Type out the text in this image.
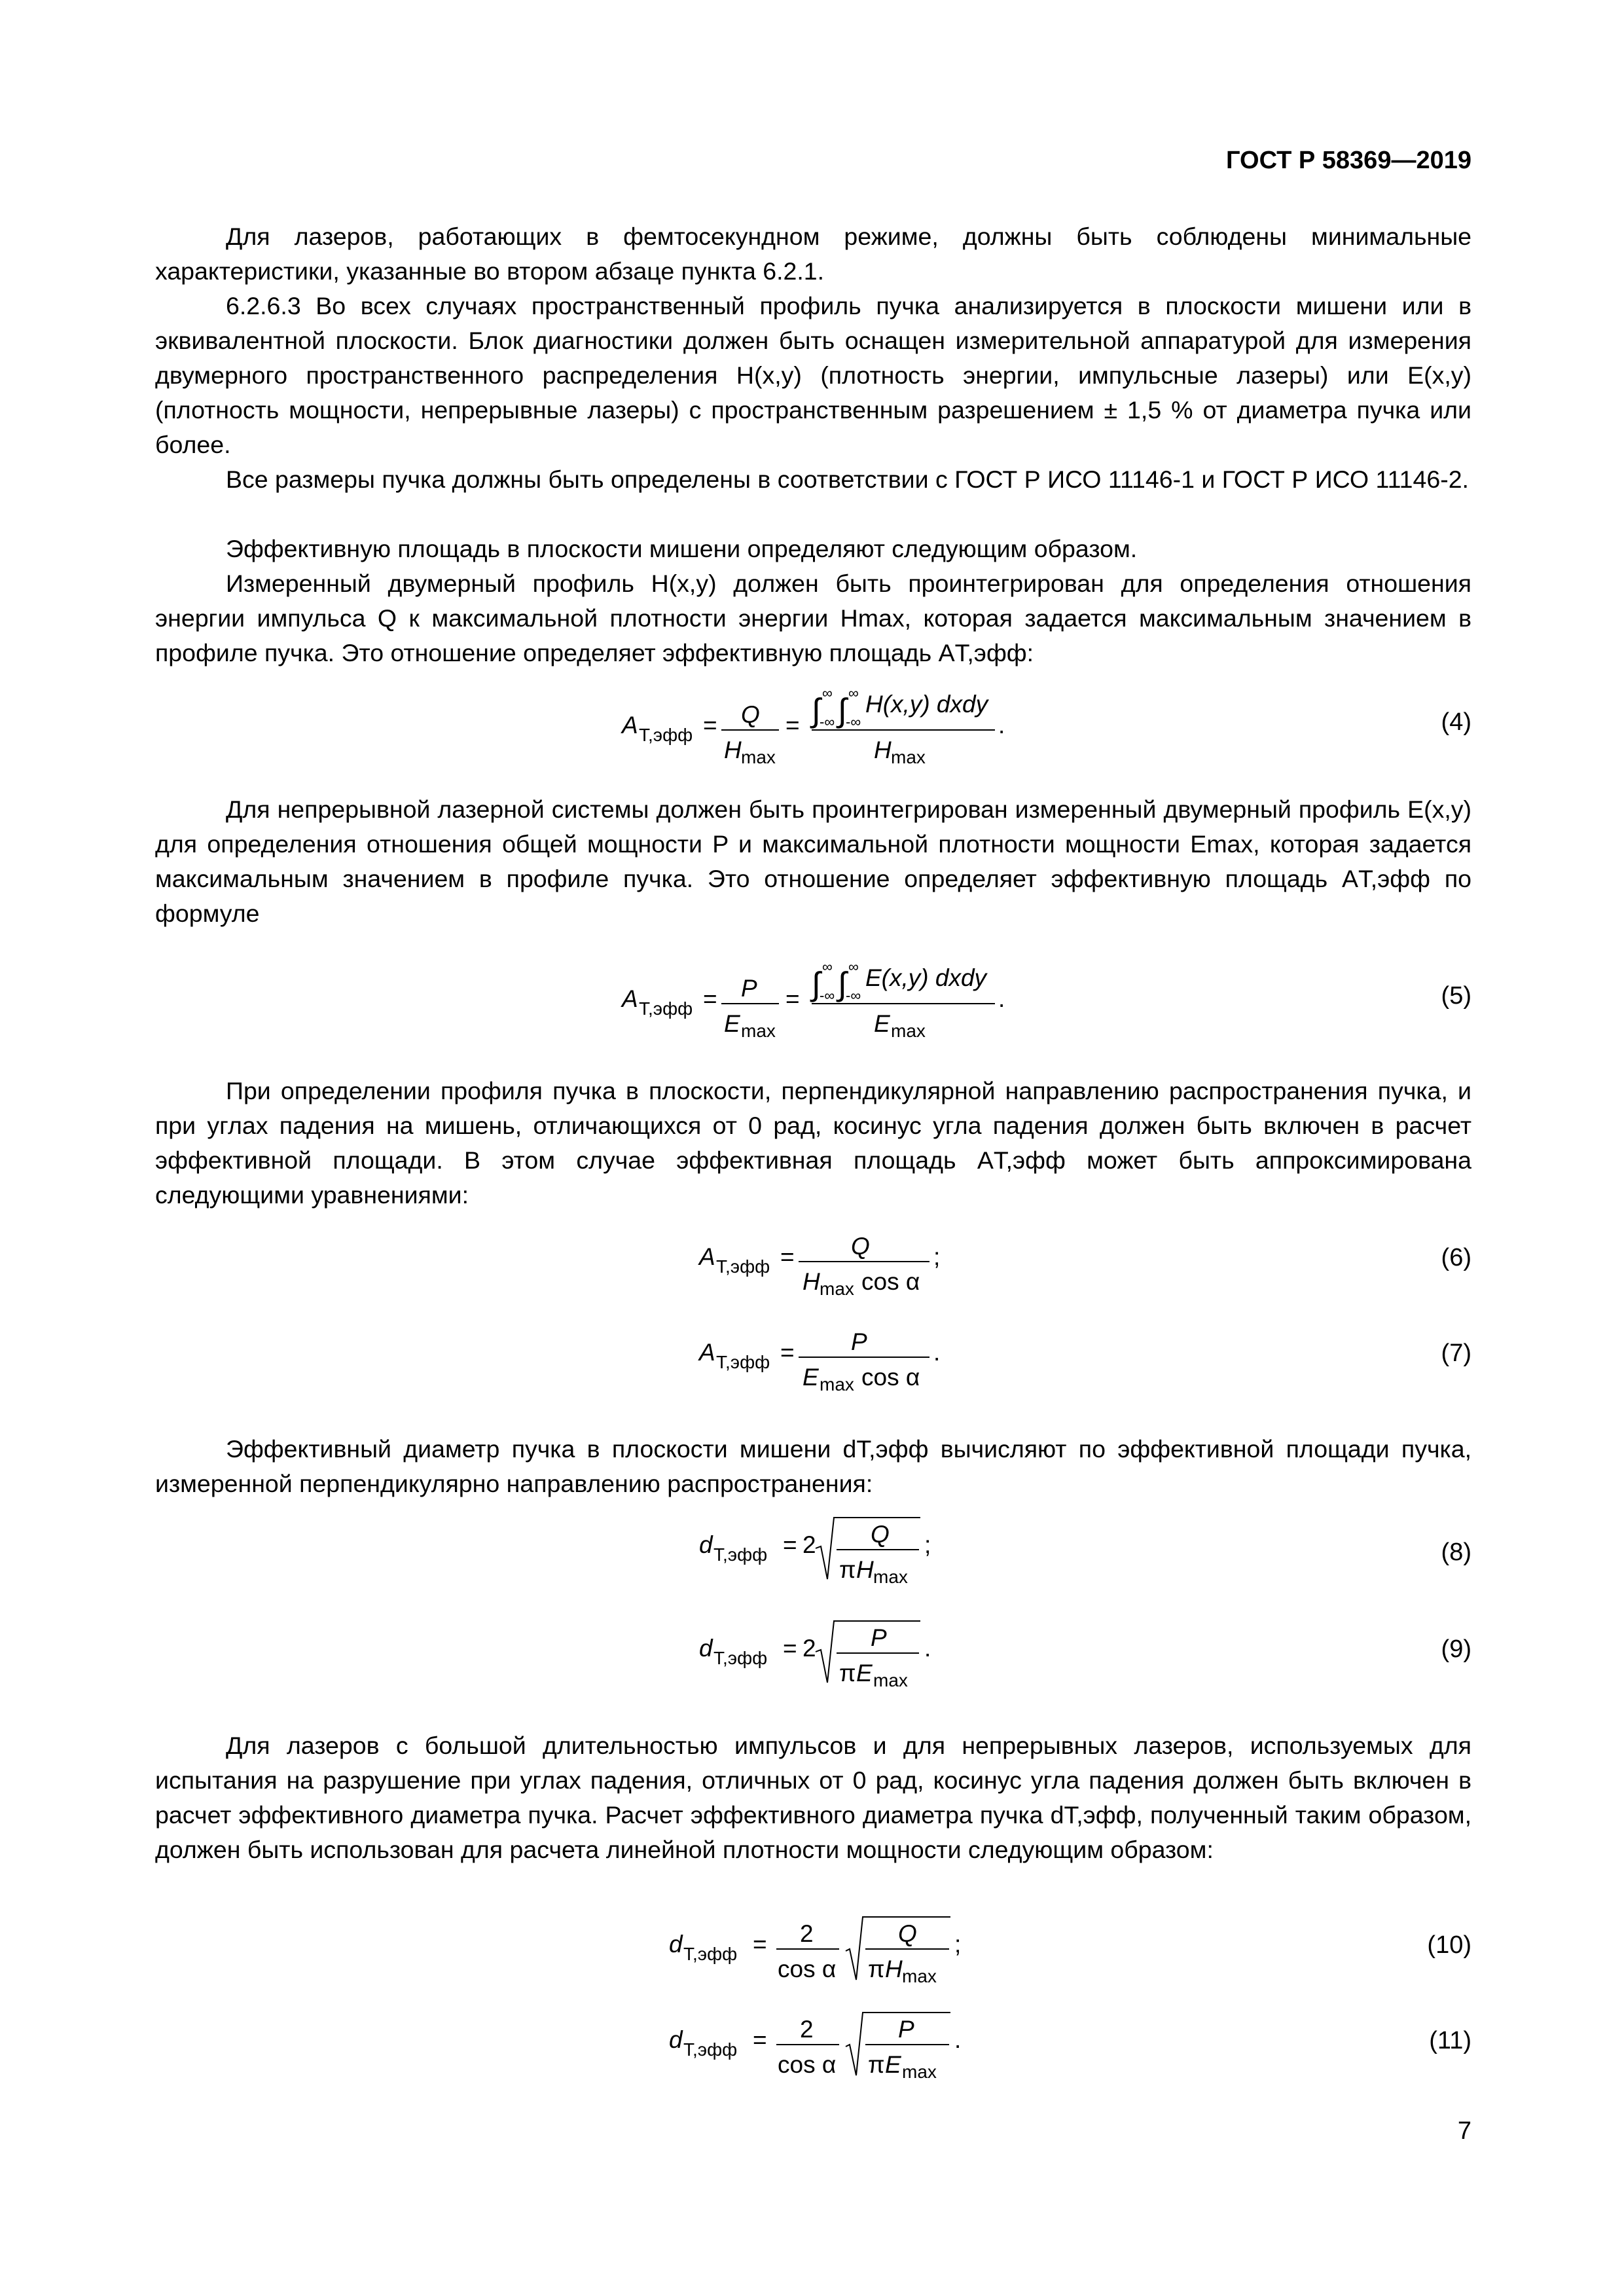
ГОСТ Р 58369—2019

Для лазеров, работающих в фемтосекундном режиме, должны быть соблюдены минимальные характеристики, указанные во втором абзаце пункта 6.2.1.

6.2.6.3 Во всех случаях пространственный профиль пучка анализируется в плоскости мишени или в эквивалентной плоскости. Блок диагностики должен быть оснащен измерительной аппаратурой для измерения двумерного пространственного распределения H(x,y) (плотность энергии, импульсные лазеры) или E(x,y) (плотность мощности, непрерывные лазеры) с пространственным разрешением ± 1,5 % от диаметра пучка или более.

Все размеры пучка должны быть определены в соответствии с ГОСТ Р ИСО 11146-1 и ГОСТ Р ИСО 11146-2.

Эффективную площадь в плоскости мишени определяют следующим образом.

Измеренный двумерный профиль H(x,y) должен быть проинтегрирован для определения отношения энергии импульса Q к максимальной плотности энергии Hmax, которая задается максимальным значением в профиле пучка. Это отношение определяет эффективную площадь AТ,эфф:

A Т,эфф = Q
H max
= ∫ ∞
-∞ ∫ ∞
-∞
H(x,y) dxdy
H max
.	(4)

Для непрерывной лазерной системы должен быть проинтегрирован измеренный двумерный профиль E(x,y) для определения отношения общей мощности P и максимальной плотности мощности Emax, которая задается максимальным значением в профиле пучка. Это отношение определяет эффективную площадь AТ,эфф по формуле

A Т,эфф = P
E max
= ∫ ∞
-∞ ∫ ∞
-∞
E(x,y) dxdy
E max
.	(5)

При определении профиля пучка в плоскости, перпендикулярной направлению распространения пучка, и при углах падения на мишень, отличающихся от 0 рад, косинус угла падения должен быть включен в расчет эффективной площади. В этом случае эффективная площадь AТ,эфф может быть аппроксимирована следующими уравнениями:

A Т,эфф = Q
H max cos α
;	(6)
A Т,эфф = P
E max cos α
.	(7)

Эффективный диаметр пучка в плоскости мишени dТ,эфф вычисляют по эффективной площади пучка, измеренной перпендикулярно направлению распространения:

d Т,эфф = 2 Q
π H max
;	(8)
d Т,эфф = 2 P
π E max
.	(9)

Для лазеров с большой длительностью импульсов и для непрерывных лазеров, используемых для испытания на разрушение при углах падения, отличных от 0 рад, косинус угла падения должен быть включен в расчет эффективного диаметра пучка. Расчет эффективного диаметра пучка dТ,эфф, полученный таким образом, должен быть использован для расчета линейной плотности мощности следующим образом:

d Т,эфф = 2
cos α
Q
π H max
;	(10)
d Т,эфф = 2
cos α
P
π E max
.	(11)
7
